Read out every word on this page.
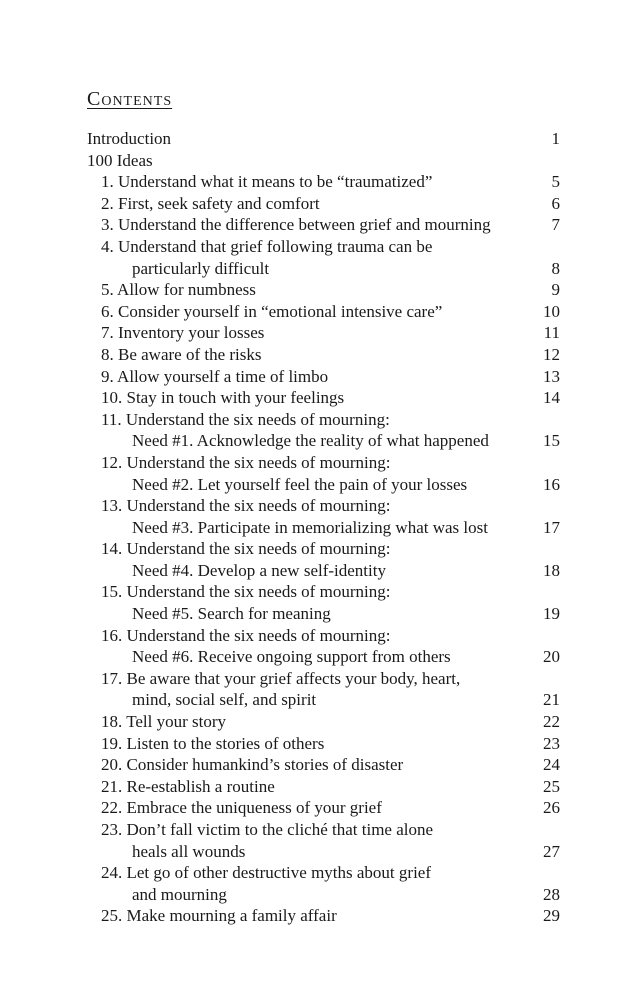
Contents
Introduction	1
100 Ideas
1. Understand what it means to be “traumatized”	5
2. First, seek safety and comfort	6
3. Understand the difference between grief and mourning	7
4. Understand that grief following trauma can be
particularly difficult	8
5. Allow for numbness	9
6. Consider yourself in “emotional intensive care”	10
7. Inventory your losses	11
8. Be aware of the risks	12
9. Allow yourself a time of limbo	13
10. Stay in touch with your feelings	14
11. Understand the six needs of mourning:
Need #1. Acknowledge the reality of what happened	15
12. Understand the six needs of mourning:
Need #2. Let yourself feel the pain of your losses	16
13. Understand the six needs of mourning:
Need #3. Participate in memorializing what was lost	17
14. Understand the six needs of mourning:
Need #4. Develop a new self-identity	18
15. Understand the six needs of mourning:
Need #5. Search for meaning	19
16. Understand the six needs of mourning:
Need #6. Receive ongoing support from others	20
17. Be aware that your grief affects your body, heart,
mind, social self, and spirit	21
18. Tell your story	22
19. Listen to the stories of others	23
20. Consider humankind’s stories of disaster	24
21. Re-establish a routine	25
22. Embrace the uniqueness of your grief	26
23. Don’t fall victim to the cliché that time alone
heals all wounds	27
24. Let go of other destructive myths about grief
and mourning	28
25. Make mourning a family affair	29
